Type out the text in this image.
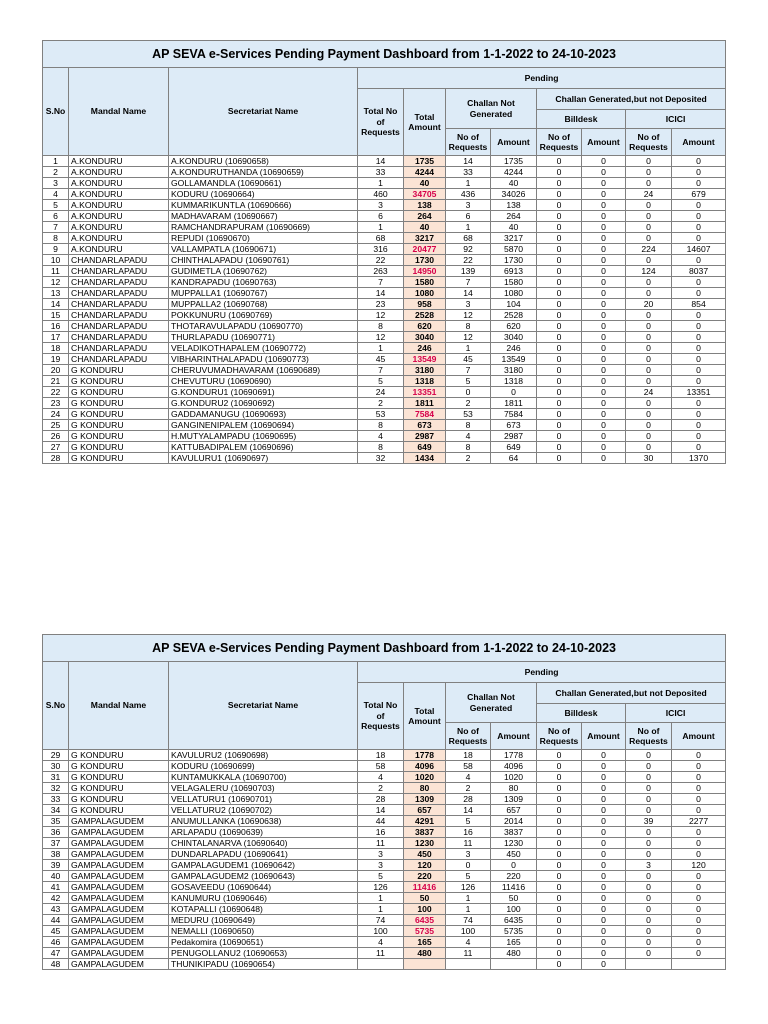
AP SEVA e-Services Pending Payment Dashboard from 1-1-2022 to 24-10-2023										
S.No	Mandal Name	Secretariat Name	Pending							
			Total No of Requests	Total Amount	Challan Not Generated		Challan Generated,but not Deposited			
							Billdesk		ICICI	
					No of Requests	Amount	No of Requests	Amount	No of Requests	Amount
1	A.KONDURU	A.KONDURU (10690658)	14	1735	14	1735	0	0	0	0
2	A.KONDURU	A.KONDURUTHANDA (10690659)	33	4244	33	4244	0	0	0	0
3	A.KONDURU	GOLLAMANDLA (10690661)	1	40	1	40	0	0	0	0
4	A.KONDURU	KODURU (10690664)	460	34705	436	34026	0	0	24	679
5	A.KONDURU	KUMMARIKUNTLA (10690666)	3	138	3	138	0	0	0	0
6	A.KONDURU	MADHAVARAM (10690667)	6	264	6	264	0	0	0	0
7	A.KONDURU	RAMCHANDRAPURAM (10690669)	1	40	1	40	0	0	0	0
8	A.KONDURU	REPUDI (10690670)	68	3217	68	3217	0	0	0	0
9	A.KONDURU	VALLAMPATLA (10690671)	316	20477	92	5870	0	0	224	14607
10	CHANDARLAPADU	CHINTHALAPADU (10690761)	22	1730	22	1730	0	0	0	0
11	CHANDARLAPADU	GUDIMETLA (10690762)	263	14950	139	6913	0	0	124	8037
12	CHANDARLAPADU	KANDRAPADU (10690763)	7	1580	7	1580	0	0	0	0
13	CHANDARLAPADU	MUPPALLA1 (10690767)	14	1080	14	1080	0	0	0	0
14	CHANDARLAPADU	MUPPALLA2 (10690768)	23	958	3	104	0	0	20	854
15	CHANDARLAPADU	POKKUNURU (10690769)	12	2528	12	2528	0	0	0	0
16	CHANDARLAPADU	THOTARAVULAPADU (10690770)	8	620	8	620	0	0	0	0
17	CHANDARLAPADU	THURLAPADU (10690771)	12	3040	12	3040	0	0	0	0
18	CHANDARLAPADU	VELADIKOTHAPALEM (10690772)	1	246	1	246	0	0	0	0
19	CHANDARLAPADU	VIBHARINTHALAPADU (10690773)	45	13549	45	13549	0	0	0	0
20	G KONDURU	CHERUVUMADHAVARAM (10690689)	7	3180	7	3180	0	0	0	0
21	G KONDURU	CHEVUTURU (10690690)	5	1318	5	1318	0	0	0	0
22	G KONDURU	G.KONDURU1 (10690691)	24	13351	0	0	0	0	24	13351
23	G KONDURU	G.KONDURU2 (10690692)	2	1811	2	1811	0	0	0	0
24	G KONDURU	GADDAMANUGU (10690693)	53	7584	53	7584	0	0	0	0
25	G KONDURU	GANGINENIPALEM (10690694)	8	673	8	673	0	0	0	0
26	G KONDURU	H.MUTYALAMPADU (10690695)	4	2987	4	2987	0	0	0	0
27	G KONDURU	KATTUBADIPALEM (10690696)	8	649	8	649	0	0	0	0
28	G KONDURU	KAVULURU1 (10690697)	32	1434	2	64	0	0	30	1370
AP SEVA e-Services Pending Payment Dashboard from 1-1-2022 to 24-10-2023										
S.No	Mandal Name	Secretariat Name	Pending							
			Total No of Requests	Total Amount	Challan Not Generated		Challan Generated,but not Deposited			
							Billdesk		ICICI	
					No of Requests	Amount	No of Requests	Amount	No of Requests	Amount
29	G KONDURU	KAVULURU2 (10690698)	18	1778	18	1778	0	0	0	0
30	G KONDURU	KODURU (10690699)	58	4096	58	4096	0	0	0	0
31	G KONDURU	KUNTAMUKKALA (10690700)	4	1020	4	1020	0	0	0	0
32	G KONDURU	VELAGALERU (10690703)	2	80	2	80	0	0	0	0
33	G KONDURU	VELLATURU1 (10690701)	28	1309	28	1309	0	0	0	0
34	G KONDURU	VELLATURU2 (10690702)	14	657	14	657	0	0	0	0
35	GAMPALAGUDEM	ANUMULLANKA (10690638)	44	4291	5	2014	0	0	39	2277
36	GAMPALAGUDEM	ARLAPADU (10690639)	16	3837	16	3837	0	0	0	0
37	GAMPALAGUDEM	CHINTALANARVA (10690640)	11	1230	11	1230	0	0	0	0
38	GAMPALAGUDEM	DUNDARLAPADU (10690641)	3	450	3	450	0	0	0	0
39	GAMPALAGUDEM	GAMPALAGUDEM1 (10690642)	3	120	0	0	0	0	3	120
40	GAMPALAGUDEM	GAMPALAGUDEM2 (10690643)	5	220	5	220	0	0	0	0
41	GAMPALAGUDEM	GOSAVEEDU (10690644)	126	11416	126	11416	0	0	0	0
42	GAMPALAGUDEM	KANUMURU (10690646)	1	50	1	50	0	0	0	0
43	GAMPALAGUDEM	KOTAPALLI (10690648)	1	100	1	100	0	0	0	0
44	GAMPALAGUDEM	MEDURU (10690649)	74	6435	74	6435	0	0	0	0
45	GAMPALAGUDEM	NEMALLI (10690650)	100	5735	100	5735	0	0	0	0
46	GAMPALAGUDEM	Pedakomira (10690651)	4	165	4	165	0	0	0	0
47	GAMPALAGUDEM	PENUGOLLANU2 (10690653)	11	480	11	480	0	0	0	0
48	GAMPALAGUDEM	THUNIKIPADU (10690654)					0	0		
